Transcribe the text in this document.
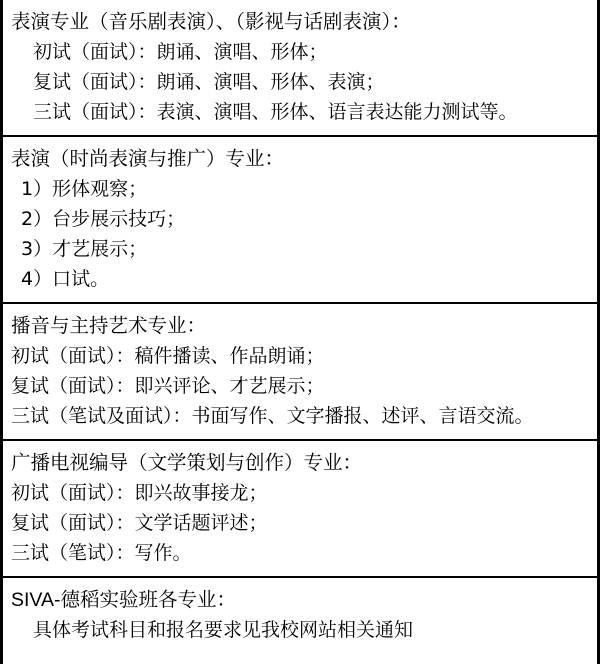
表演专业（音乐剧表演）、（影视与话剧表演）：
初试（面试）：朗诵、演唱、形体；
复试（面试）：朗诵、演唱、形体、表演；
三试（面试）：表演、演唱、形体、语言表达能力测试等。
表演（时尚表演与推广）专业：
1）形体观察；
2）台步展示技巧；
3）才艺展示；
4）口试。
播音与主持艺术专业：
初试（面试）：稿件播读、作品朗诵；
复试（面试）：即兴评论、才艺展示；
三试（笔试及面试）：书面写作、文字播报、述评、言语交流。
广播电视编导（文学策划与创作）专业：
初试（面试）：即兴故事接龙；
复试（面试）：文学话题评述；
三试（笔试）：写作。
SIVA-德稻实验班各专业：
具体考试科目和报名要求见我校网站相关通知
